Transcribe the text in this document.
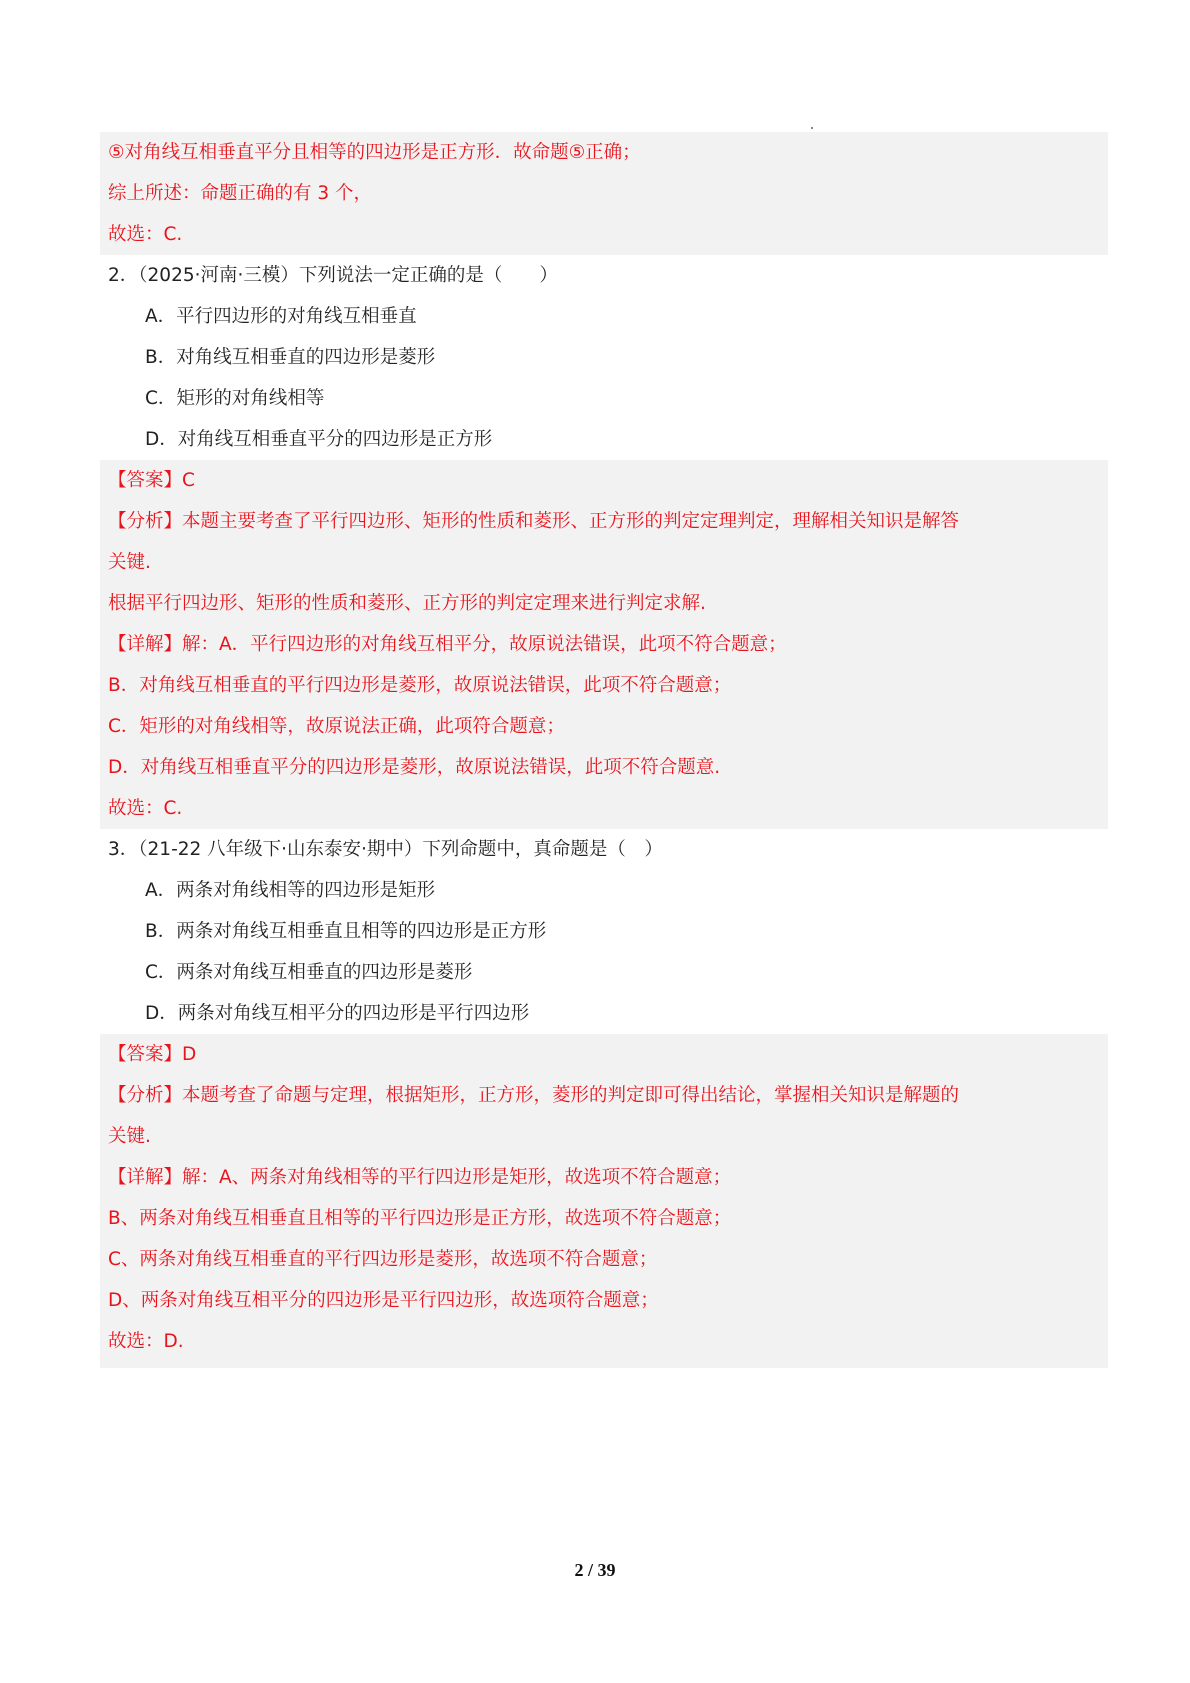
⑤对角线互相垂直平分且相等的四边形是正方形．故命题⑤正确；
综上所述：命题正确的有 3 个，
故选：C.
2．（2025·河南·三模）下列说法一定正确的是（　　）
A．平行四边形的对角线互相垂直
B．对角线互相垂直的四边形是菱形
C．矩形的对角线相等
D．对角线互相垂直平分的四边形是正方形
【答案】C
【分析】本题主要考查了平行四边形、矩形的性质和菱形、正方形的判定定理判定，理解相关知识是解答
关键.
根据平行四边形、矩形的性质和菱形、正方形的判定定理来进行判定求解.
【详解】解：A．平行四边形的对角线互相平分，故原说法错误，此项不符合题意；
B．对角线互相垂直的平行四边形是菱形，故原说法错误，此项不符合题意；
C．矩形的对角线相等，故原说法正确，此项符合题意；
D．对角线互相垂直平分的四边形是菱形，故原说法错误，此项不符合题意.
故选：C.
3．（21-22 八年级下·山东泰安·期中）下列命题中，真命题是（　）
A．两条对角线相等的四边形是矩形
B．两条对角线互相垂直且相等的四边形是正方形
C．两条对角线互相垂直的四边形是菱形
D．两条对角线互相平分的四边形是平行四边形
【答案】D
【分析】本题考查了命题与定理，根据矩形，正方形，菱形的判定即可得出结论，掌握相关知识是解题的
关键.
【详解】解：A、两条对角线相等的平行四边形是矩形，故选项不符合题意；
B、两条对角线互相垂直且相等的平行四边形是正方形，故选项不符合题意；
C、两条对角线互相垂直的平行四边形是菱形，故选项不符合题意；
D、两条对角线互相平分的四边形是平行四边形，故选项符合题意；
故选：D.
2 / 39
